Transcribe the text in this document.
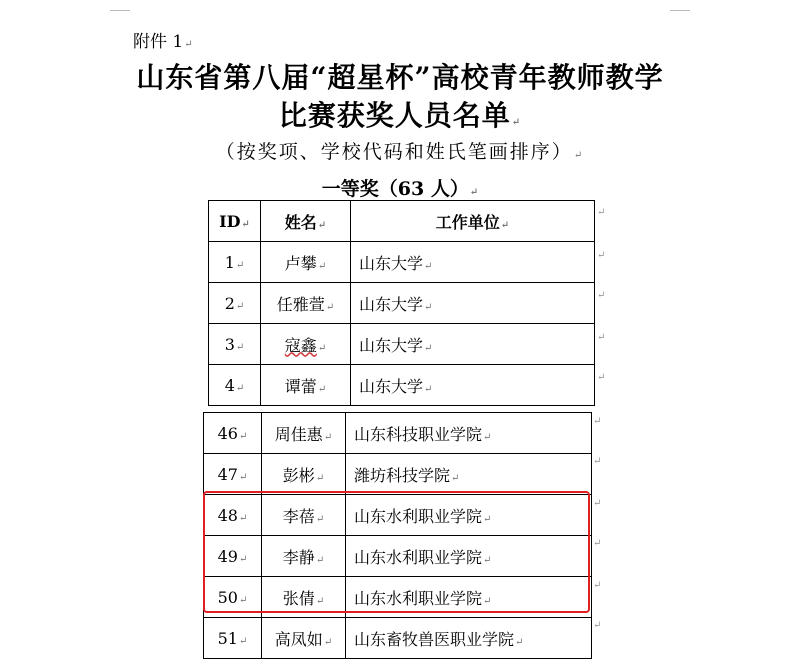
附件 1↵
山东省第八届“超星杯”高校青年教师教学
比赛获奖人员名单↵
（按奖项、学校代码和姓氏笔画排序）↵
一等奖（63 人）↵
ID↵	姓名↵	工作单位↵
1↵	卢攀↵	山东大学↵
2↵	任雅萱↵	山东大学↵
3↵	寇鑫↵	山东大学↵
4↵	谭蕾↵	山东大学↵
↵
↵
↵
↵
↵
46↵	周佳惠↵	山东科技职业学院↵
47↵	彭彬↵	潍坊科技学院↵
48↵	李蓓↵	山东水利职业学院↵
49↵	李静↵	山东水利职业学院↵
50↵	张倩↵	山东水利职业学院↵
51↵	高凤如↵	山东畜牧兽医职业学院↵
↵
↵
↵
↵
↵
↵
